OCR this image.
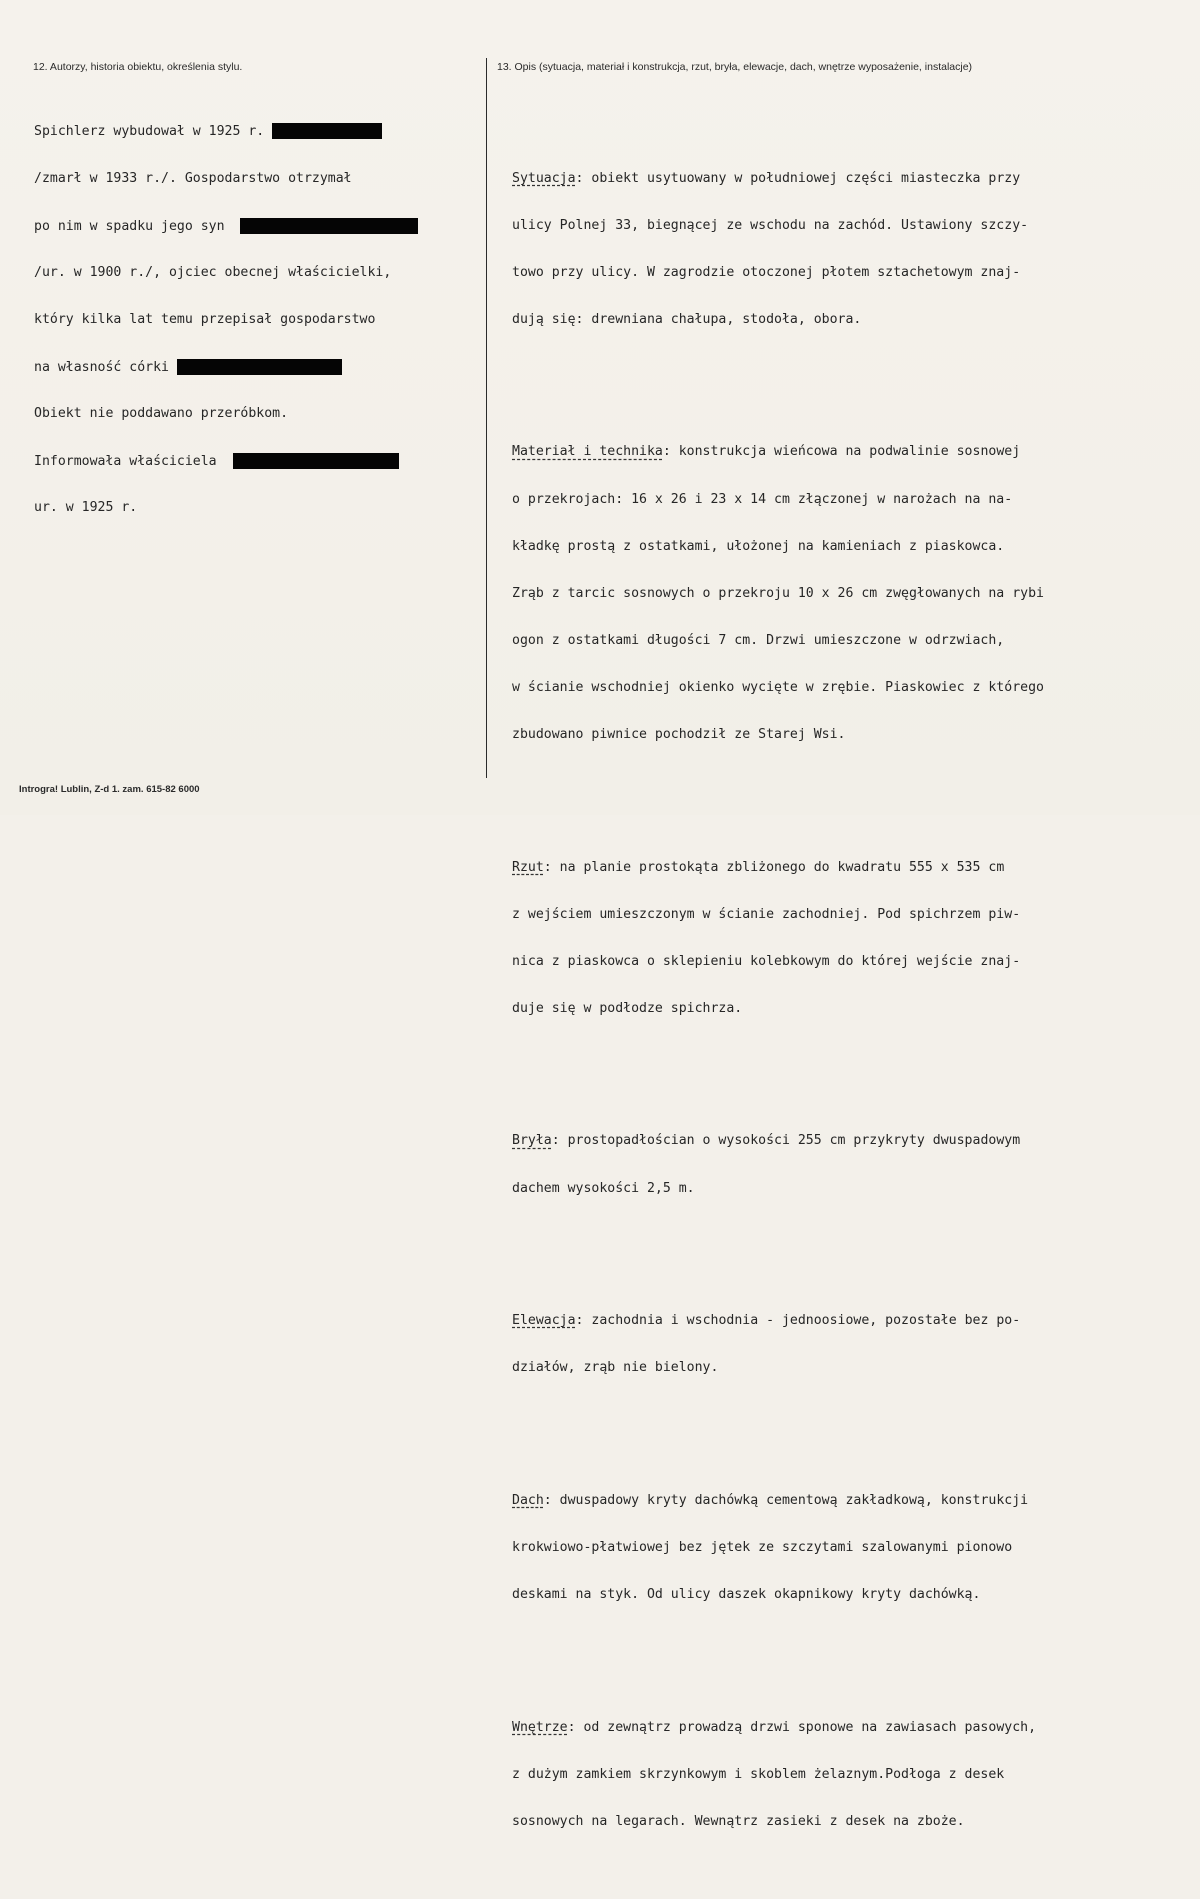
12. Autorzy, historia obiektu, określenia stylu.	13. Opis (sytuacja, materiał i konstrukcja, rzut, bryła, elewacje, dach, wnętrze wyposażenie, instalacje)

Spichlerz wybudował w 1925 r.

/zmarł w 1933 r./. Gospodarstwo otrzymał

po nim w spadku jego syn

/ur. w 1900 r./, ojciec obecnej właścicielki,

który kilka lat temu przepisał gospodarstwo

na własność córki

Obiekt nie poddawano przeróbkom.

Informowała właściciela

ur. w 1925 r.

Sytuacja: obiekt usytuowany w południowej części miasteczka przy

ulicy Polnej 33, biegnącej ze wschodu na zachód. Ustawiony szczy-

towo przy ulicy. W zagrodzie otoczonej płotem sztachetowym znaj-

dują się: drewniana chałupa, stodoła, obora.

Materiał i technika: konstrukcja wieńcowa na podwalinie sosnowej

o przekrojach: 16 x 26 i 23 x 14 cm złączonej w narożach na na-

kładkę prostą z ostatkami, ułożonej na kamieniach z piaskowca.

Zrąb z tarcic sosnowych o przekroju 10 x 26 cm zwęgłowanych na rybi

ogon z ostatkami długości 7 cm. Drzwi umieszczone w odrzwiach,

w ścianie wschodniej okienko wycięte w zrębie. Piaskowiec z którego

zbudowano piwnice pochodził ze Starej Wsi.

Rzut: na planie prostokąta zbliżonego do kwadratu 555 x 535 cm

z wejściem umieszczonym w ścianie zachodniej. Pod spichrzem piw-

nica z piaskowca o sklepieniu kolebkowym do której wejście znaj-

duje się w podłodze spichrza.

Bryła: prostopadłościan o wysokości 255 cm przykryty dwuspadowym

dachem wysokości 2,5 m.

Elewacja: zachodnia i wschodnia - jednoosiowe, pozostałe bez po-

działów, zrąb nie bielony.

Dach: dwuspadowy kryty dachówką cementową zakładkową, konstrukcji

krokwiowo-płatwiowej bez jętek ze szczytami szalowanymi pionowo

deskami na styk. Od ulicy daszek okapnikowy kryty dachówką.

Wnętrze: od zewnątrz prowadzą drzwi sponowe na zawiasach pasowych,

z dużym zamkiem skrzynkowym i skoblem żelaznym.Podłoga z desek

sosnowych na legarach. Wewnątrz zasieki z desek na zboże.

Introgra! Lublin, Z-d 1. zam. 615-82 6000
